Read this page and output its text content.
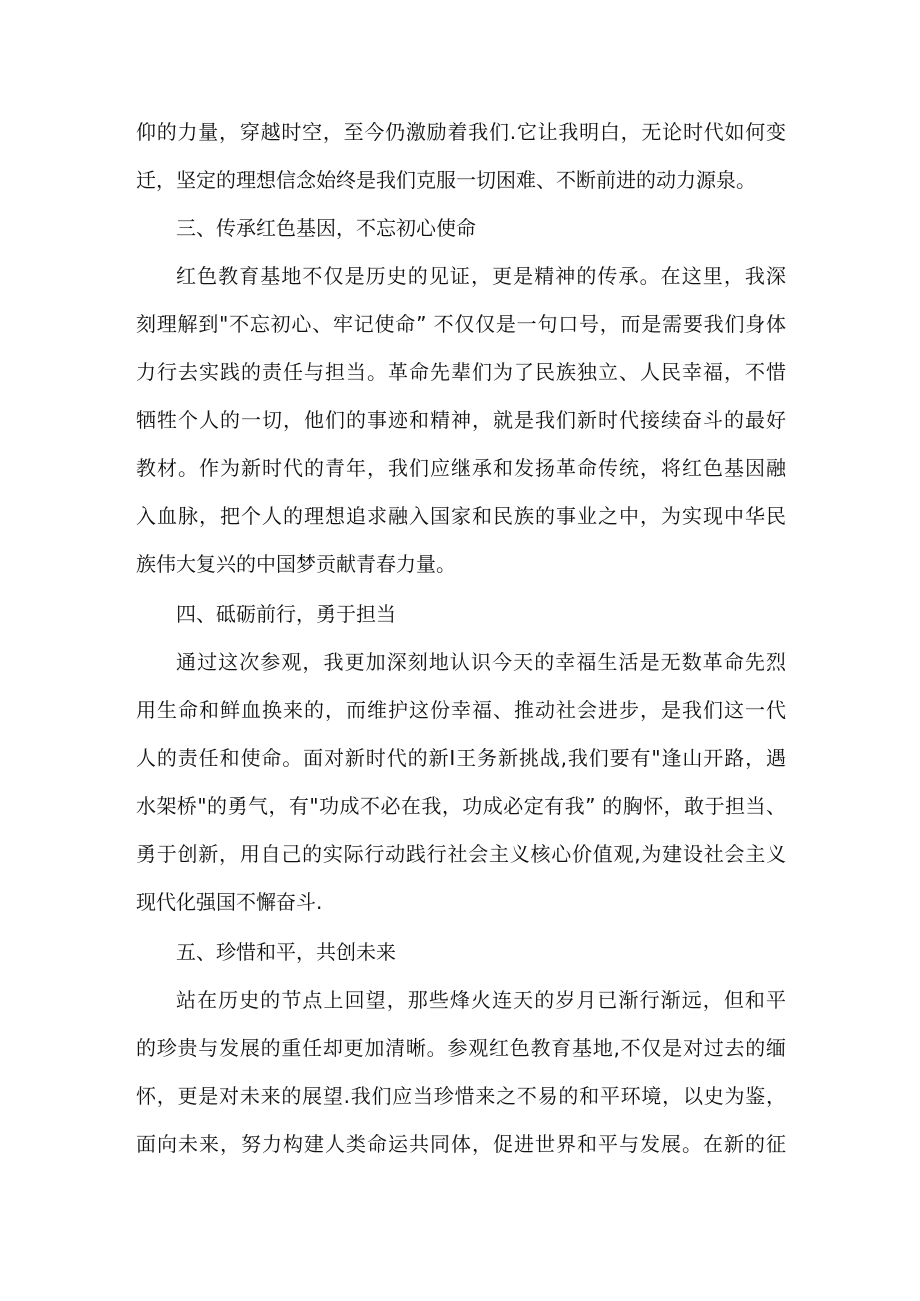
仰的力量，穿越时空，至今仍激励着我们.它让我明白，无论时代如何变
迁，坚定的理想信念始终是我们克服一切困难、不断前进的动力源泉。
三、传承红色基因，不忘初心使命
红色教育基地不仅是历史的见证，更是精神的传承。在这里，我深
刻理解到"不忘初心、牢记使命” 不仅仅是一句口号，而是需要我们身体
力行去实践的责任与担当。革命先辈们为了民族独立、人民幸福，不惜
牺牲个人的一切，他们的事迹和精神，就是我们新时代接续奋斗的最好
教材。作为新时代的青年，我们应继承和发扬革命传统，将红色基因融
入血脉，把个人的理想追求融入国家和民族的事业之中，为实现中华民
族伟大复兴的中国梦贡献青春力量。
四、砥砺前行，勇于担当
通过这次参观，我更加深刻地认识今天的幸福生活是无数革命先烈
用生命和鲜血换来的，而维护这份幸福、推动社会进步，是我们这一代
人的责任和使命。面对新时代的新I王务新挑战,我们要有"逢山开路，遇
水架桥"的勇气，有"功成不必在我，功成必定有我” 的胸怀，敢于担当、
勇于创新，用自己的实际行动践行社会主义核心价值观,为建设社会主义
现代化强国不懈奋斗.
五、珍惜和平，共创未来
站在历史的节点上回望，那些烽火连天的岁月已渐行渐远，但和平
的珍贵与发展的重任却更加清晰。参观红色教育基地,不仅是对过去的缅
怀，更是对未来的展望.我们应当珍惜来之不易的和平环境，以史为鉴，
面向未来，努力构建人类命运共同体，促进世界和平与发展。在新的征
